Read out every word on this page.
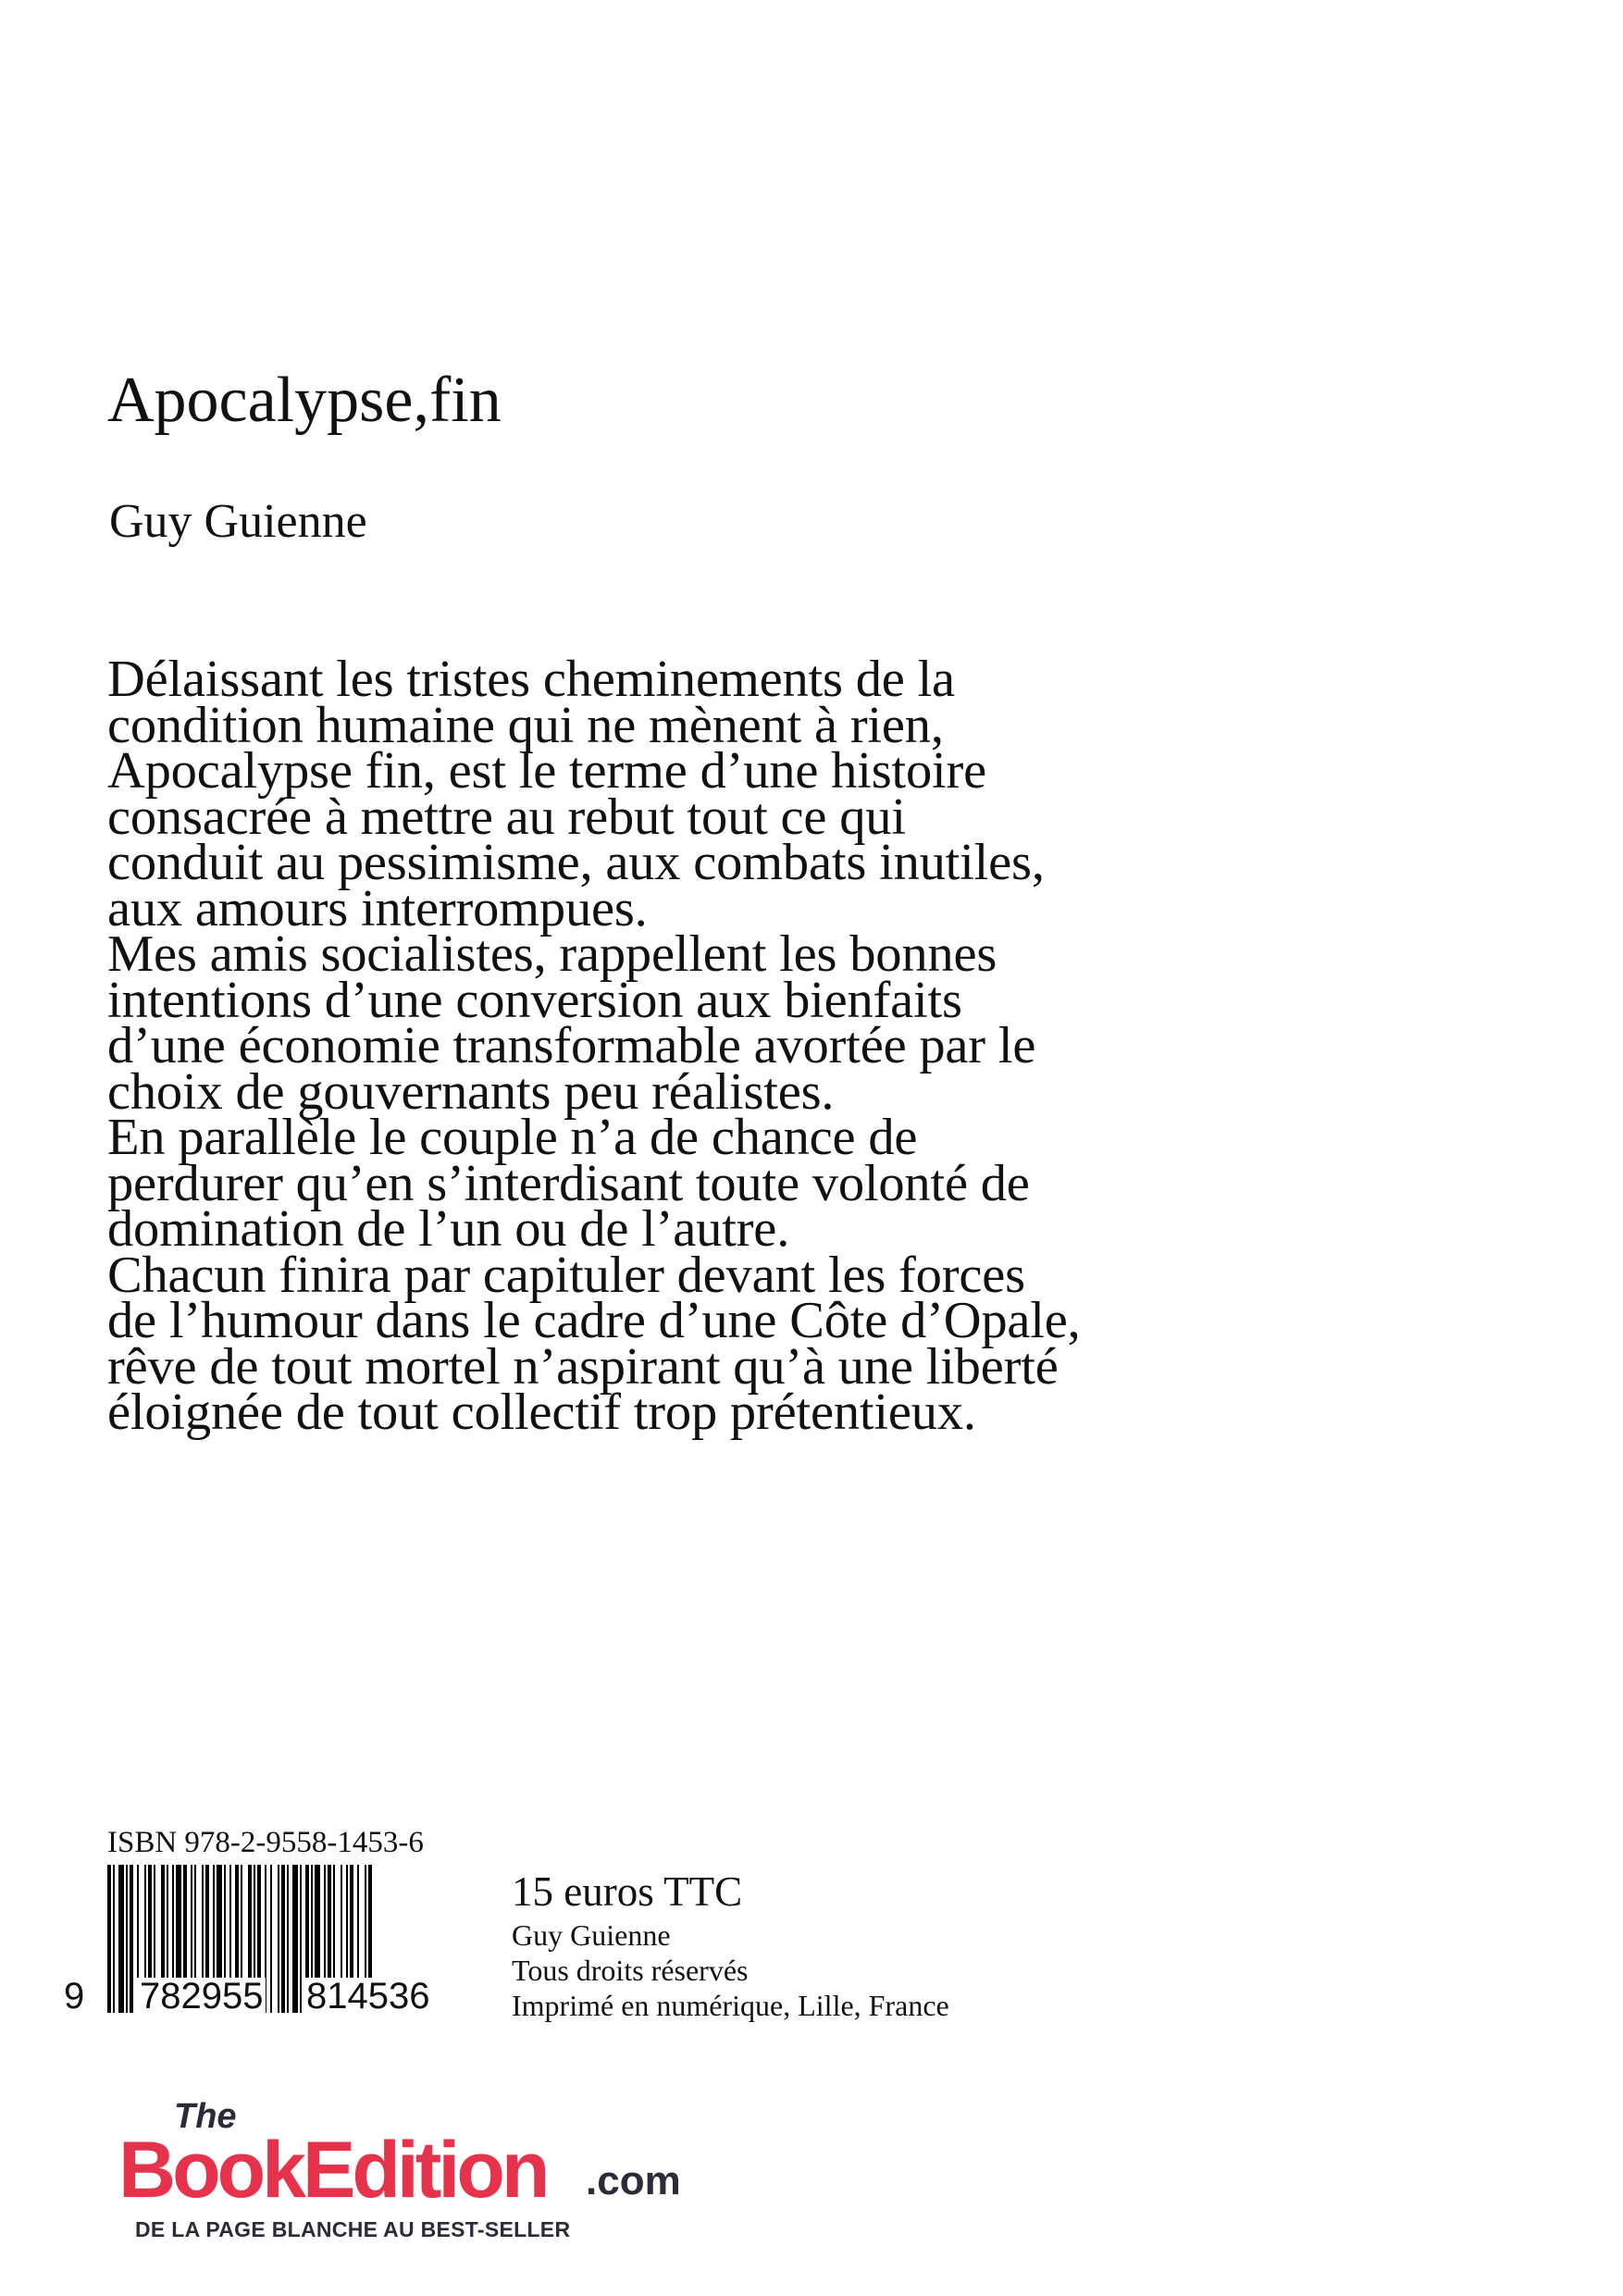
Apocalypse,fin
Guy Guienne
Délaissant les tristes cheminements de la
condition humaine qui ne mènent à rien,
Apocalypse fin, est le terme d’une histoire
consacrée à mettre au rebut tout ce qui
conduit au pessimisme, aux combats inutiles,
aux amours interrompues.
Mes amis socialistes, rappellent les bonnes
intentions d’une conversion aux bienfaits
d’une économie transformable avortée par le
choix de gouvernants peu réalistes.
En parallèle le couple n’a de chance de
perdurer qu’en s’interdisant toute volonté de
domination de l’un ou de l’autre.
Chacun finira par capituler devant les forces
de l’humour dans le cadre d’une Côte d’Opale,
rêve de tout mortel n’aspirant qu’à une liberté
éloignée de tout collectif trop prétentieux.
ISBN 978-2-9558-1453-6
9 782955 814536
15 euros TTC
Guy Guienne
Tous droits réservés
Imprimé en numérique, Lille, France
The
BookEdition .com
DE LA PAGE BLANCHE AU BEST-SELLER
